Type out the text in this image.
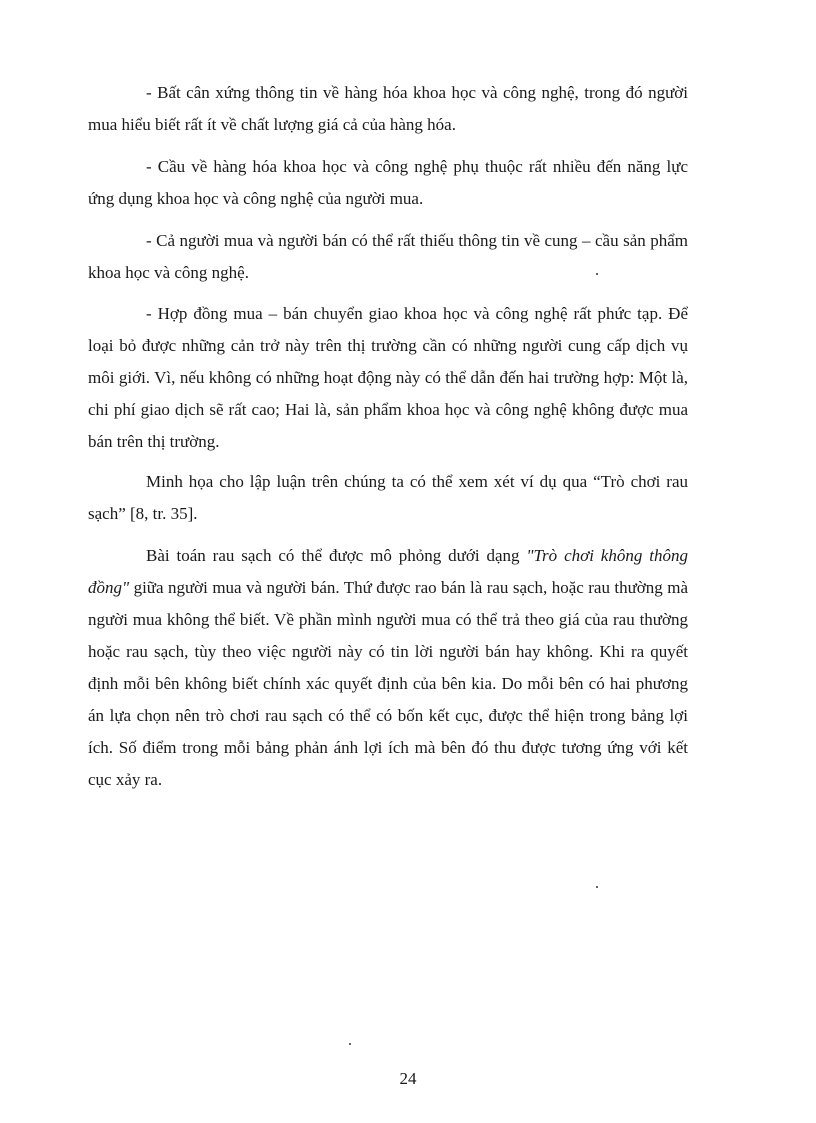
- Bất cân xứng thông tin về hàng hóa khoa học và công nghệ, trong đó người mua hiểu biết rất ít về chất lượng giá cả của hàng hóa.

- Cầu về hàng hóa khoa học và công nghệ phụ thuộc rất nhiều đến năng lực ứng dụng khoa học và công nghệ của người mua.

- Cả người mua và người bán có thể rất thiếu thông tin về cung – cầu sản phẩm khoa học và công nghệ.

- Hợp đồng mua – bán chuyển giao khoa học và công nghệ rất phức tạp. Để loại bỏ được những cản trở này trên thị trường cần có những người cung cấp dịch vụ môi giới. Vì, nếu không có những hoạt động này có thể dẫn đến hai trường hợp: Một là, chi phí giao dịch sẽ rất cao; Hai là, sản phẩm khoa học và công nghệ không được mua bán trên thị trường.

Minh họa cho lập luận trên chúng ta có thể xem xét ví dụ qua “Trò chơi rau sạch” [8, tr. 35].

Bài toán rau sạch có thể được mô phỏng dưới dạng "Trò chơi không thông đồng" giữa người mua và người bán. Thứ được rao bán là rau sạch, hoặc rau thường mà người mua không thể biết. Về phần mình người mua có thể trả theo giá của rau thường hoặc rau sạch, tùy theo việc người này có tin lời người bán hay không. Khi ra quyết định mỗi bên không biết chính xác quyết định của bên kia. Do mỗi bên có hai phương án lựa chọn nên trò chơi rau sạch có thể có bốn kết cục, được thể hiện trong bảng lợi ích. Số điểm trong mỗi bảng phản ánh lợi ích mà bên đó thu được tương ứng với kết cục xảy ra.

24
